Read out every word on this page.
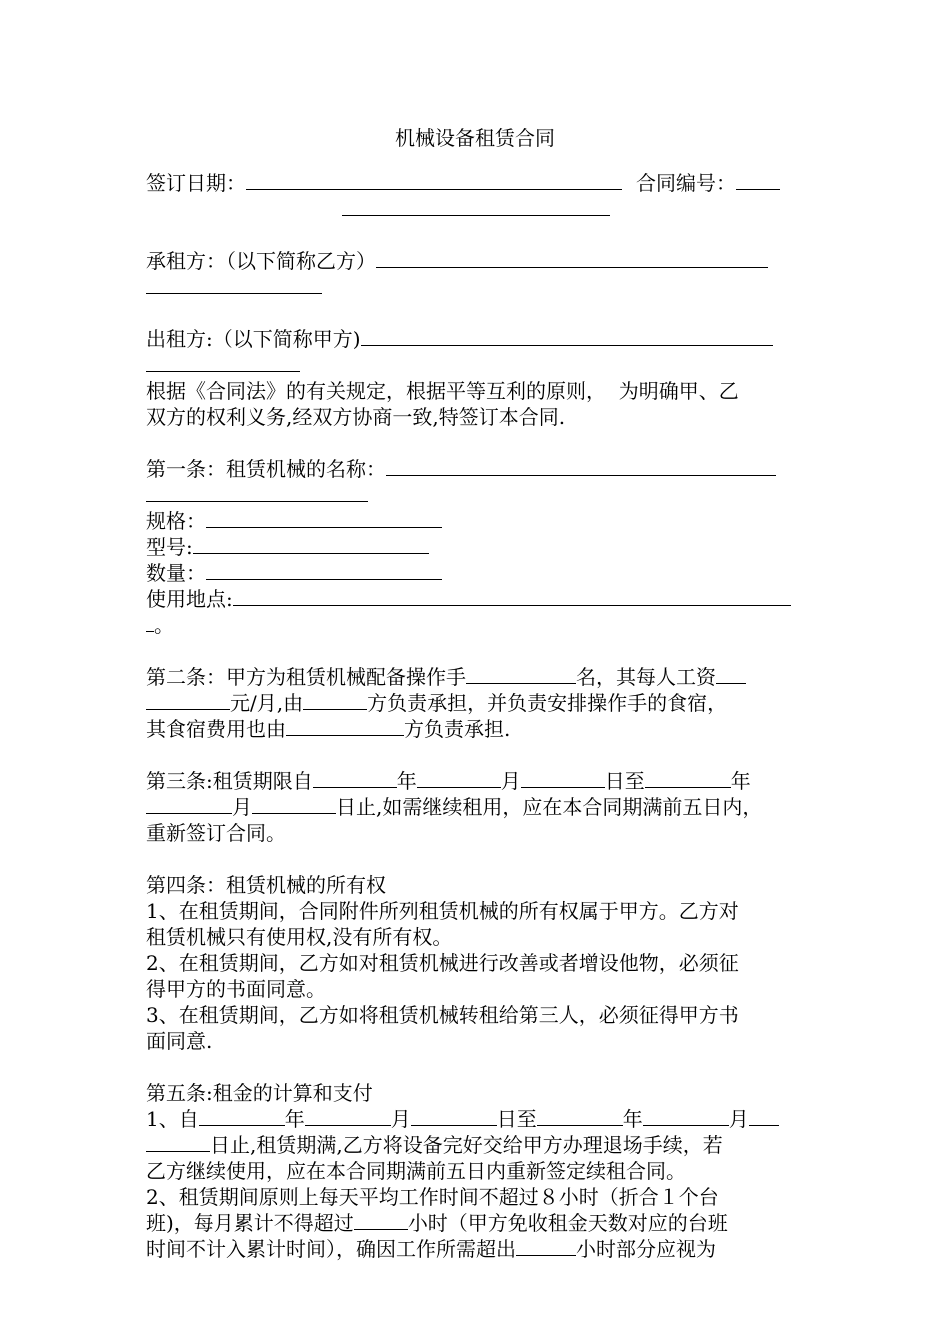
机械设备租赁合同

签订日期：	合同编号：

承租方：（以下简称乙方）

出租方:（以下简称甲方)

根据《合同法》的有关规定，根据平等互利的原则，  为明确甲、乙

双方的权利义务,经双方协商一致,特签订本合同.

第一条：租赁机械的名称：

规格：

型号:

数量：

使用地点:

。

第二条：甲方为租赁机械配备操作手	名，其每人工资

元/月,由	方负责承担，并负责安排操作手的食宿，

其食宿费用也由	方负责承担.

第三条:租赁期限自	年	月	日至	年

月	日止,如需继续租用，应在本合同期满前五日内，

重新签订合同。

第四条：租赁机械的所有权

1、在租赁期间，合同附件所列租赁机械的所有权属于甲方。乙方对

租赁机械只有使用权,没有所有权。

2、在租赁期间，乙方如对租赁机械进行改善或者增设他物，必须征

得甲方的书面同意。

3、在租赁期间，乙方如将租赁机械转租给第三人，必须征得甲方书

面同意.

第五条:租金的计算和支付

1、自	年	月	日至	年	月

日止,租赁期满,乙方将设备完好交给甲方办理退场手续，若

乙方继续使用，应在本合同期满前五日内重新签定续租合同。

2、租赁期间原则上每天平均工作时间不超过８小时（折合１个台

班)，每月累计不得超过	小时（甲方免收租金天数对应的台班

时间不计入累计时间），确因工作所需超出	小时部分应视为
